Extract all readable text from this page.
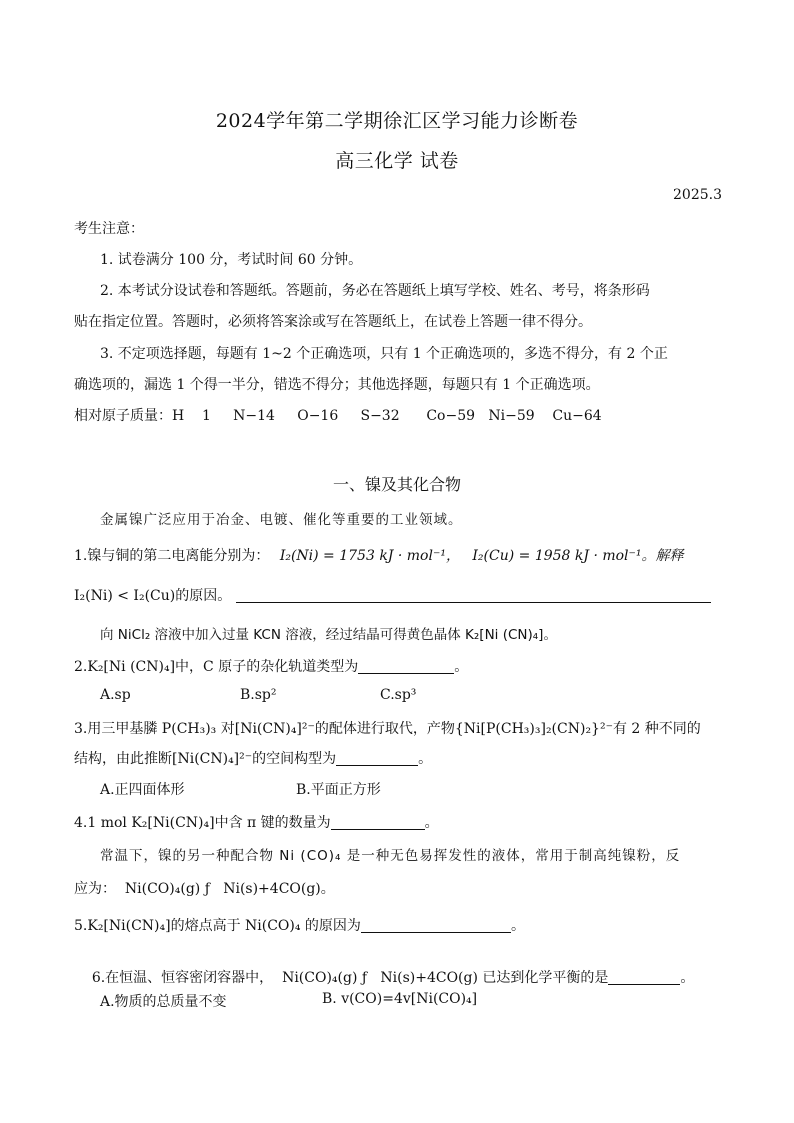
2024学年第二学期徐汇区学习能力诊断卷
高三化学 试卷
2025.3
考生注意：
1. 试卷满分 100 分，考试时间 60 分钟。
2. 本考试分设试卷和答题纸。答题前，务必在答题纸上填写学校、姓名、考号，将条形码
贴在指定位置。答题时，必须将答案涂或写在答题纸上，在试卷上答题一律不得分。
3. 不定项选择题，每题有 1~2 个正确选项，只有 1 个正确选项的，多选不得分，有 2 个正
确选项的，漏选 1 个得一半分，错选不得分；其他选择题，每题只有 1 个正确选项。
相对原子质量：H    1     N−14     O−16     S−32      Co−59   Ni−59    Cu−64
一、镍及其化合物
金属镍广泛应用于冶金、电镀、催化等重要的工业领域。
1.镍与铜的第二电离能分别为： I₂(Ni) = 1753 kJ · mol⁻¹， I₂(Cu) = 1958 kJ · mol⁻¹。解释
I₂(Ni) < I₂(Cu)的原因。
向 NiCl₂ 溶液中加入过量 KCN 溶液，经过结晶可得黄色晶体 K₂[Ni (CN)₄]。
2.K₂[Ni (CN)₄]中，C 原子的杂化轨道类型为	。
A.sp	B.sp²	C.sp³
3.用三甲基膦 P(CH₃)₃ 对[Ni(CN)₄]²⁻的配体进行取代，产物{Ni[P(CH₃)₃]₂(CN)₂}²⁻有 2 种不同的
结构，由此推断[Ni(CN)₄]²⁻的空间构型为	。
A.正四面体形	B.平面正方形
4.1 mol K₂[Ni(CN)₄]中含 π 键的数量为	。
常温下，镍的另一种配合物 Ni (CO)₄ 是一种无色易挥发性的液体，常用于制高纯镍粉，反
应为：  Ni(CO)₄(g) ƒ   Ni(s)+4CO(g)。
5.K₂[Ni(CN)₄]的熔点高于 Ni(CO)₄ 的原因为	。

6.在恒温、恒容密闭容器中，  Ni(CO)₄(g) ƒ   Ni(s)+4CO(g) 已达到化学平衡的是	。

A.物质的总质量不变	B. v(CO)=4v[Ni(CO)₄]
